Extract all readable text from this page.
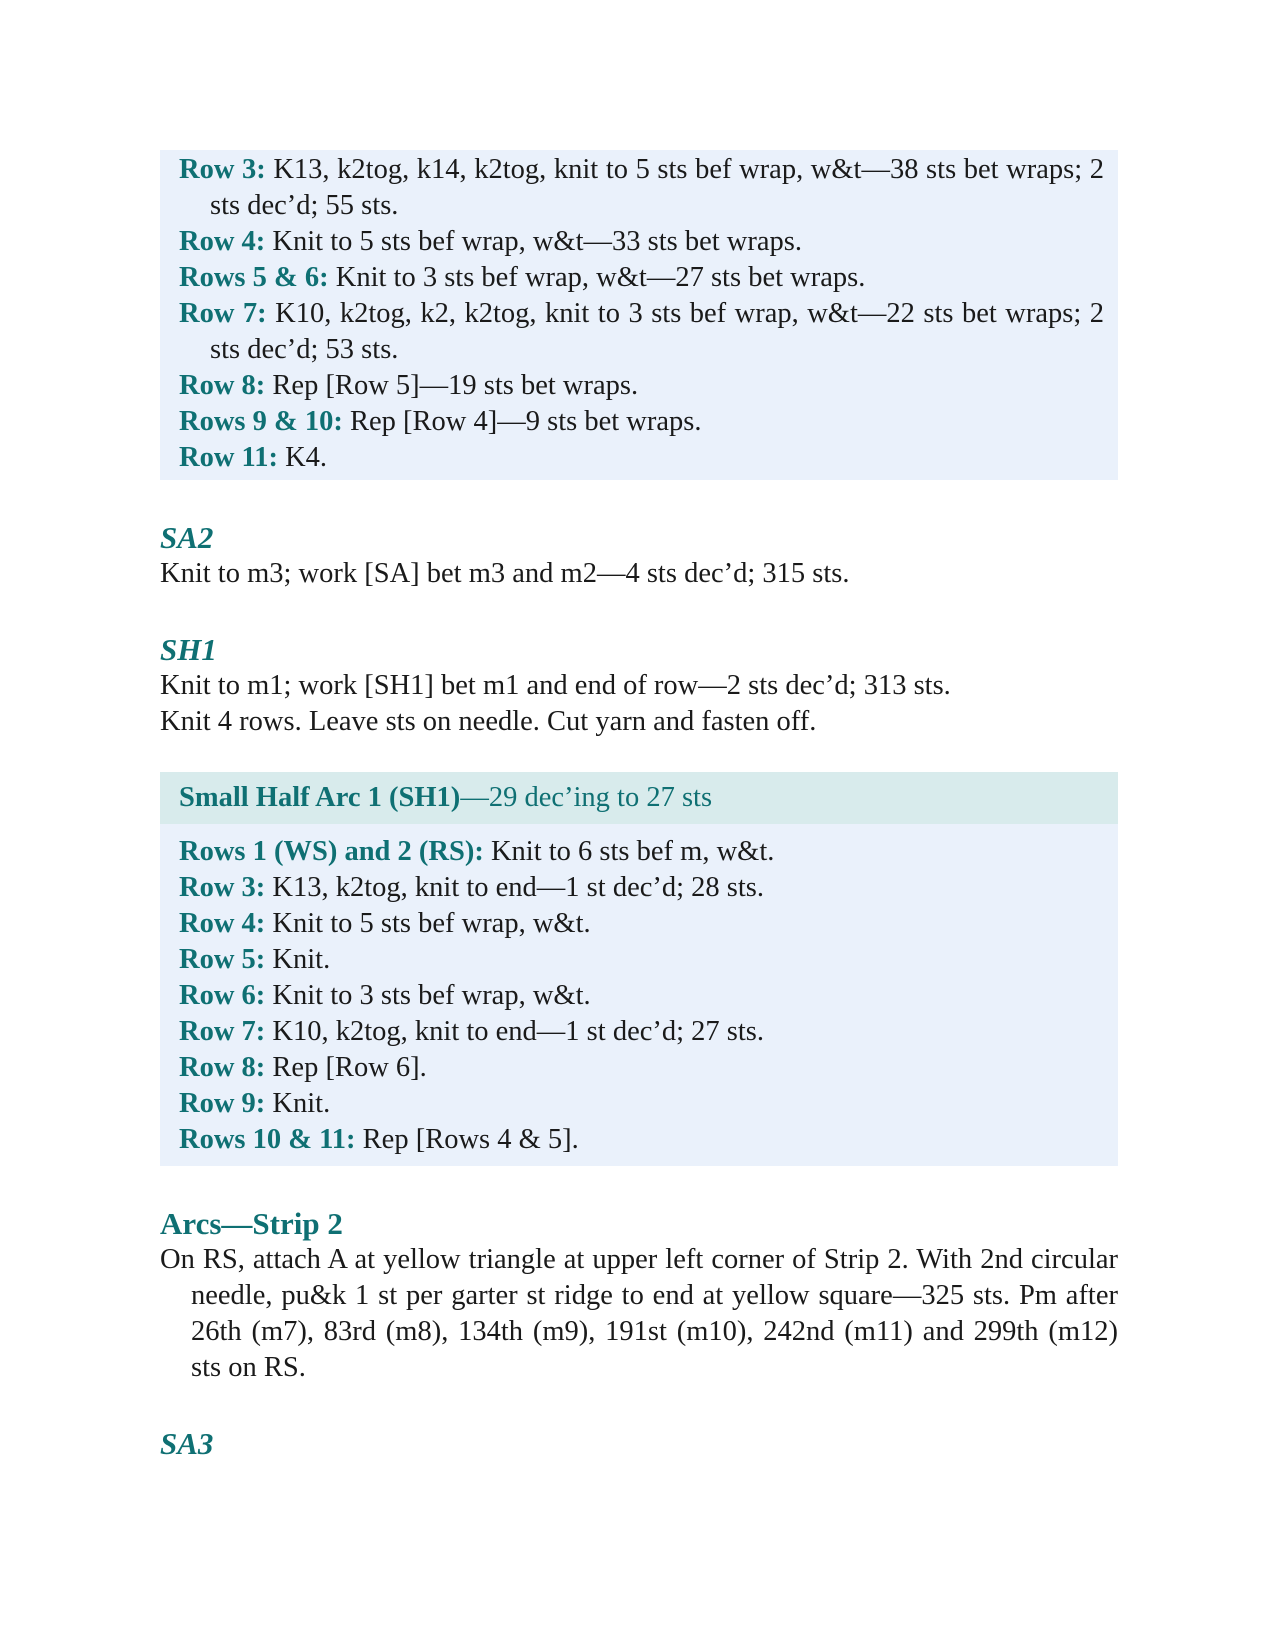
Row 3: K13, k2tog, k14, k2tog, knit to 5 sts bef wrap, w&t—38 sts bet wraps; 2 sts dec’d; 55 sts.
Row 4: Knit to 5 sts bef wrap, w&t—33 sts bet wraps.
Rows 5 & 6: Knit to 3 sts bef wrap, w&t—27 sts bet wraps.
Row 7: K10, k2tog, k2, k2tog, knit to 3 sts bef wrap, w&t—22 sts bet wraps; 2 sts dec’d; 53 sts.
Row 8: Rep [Row 5]—19 sts bet wraps.
Rows 9 & 10: Rep [Row 4]—9 sts bet wraps.
Row 11: K4.
SA2
Knit to m3; work [SA] bet m3 and m2—4 sts dec’d; 315 sts.
SH1
Knit to m1; work [SH1] bet m1 and end of row—2 sts dec’d; 313 sts.
Knit 4 rows. Leave sts on needle. Cut yarn and fasten off.
Small Half Arc 1 (SH1)—29 dec’ing to 27 sts
Rows 1 (WS) and 2 (RS): Knit to 6 sts bef m, w&t.
Row 3: K13, k2tog, knit to end—1 st dec’d; 28 sts.
Row 4: Knit to 5 sts bef wrap, w&t.
Row 5: Knit.
Row 6: Knit to 3 sts bef wrap, w&t.
Row 7: K10, k2tog, knit to end—1 st dec’d; 27 sts.
Row 8: Rep [Row 6].
Row 9: Knit.
Rows 10 & 11: Rep [Rows 4 & 5].
Arcs—Strip 2
On RS, attach A at yellow triangle at upper left corner of Strip 2. With 2nd circular needle, pu&k 1 st per garter st ridge to end at yellow square—325 sts. Pm after 26th (m7), 83rd (m8), 134th (m9), 191st (m10), 242nd (m11) and 299th (m12) sts on RS.
SA3
